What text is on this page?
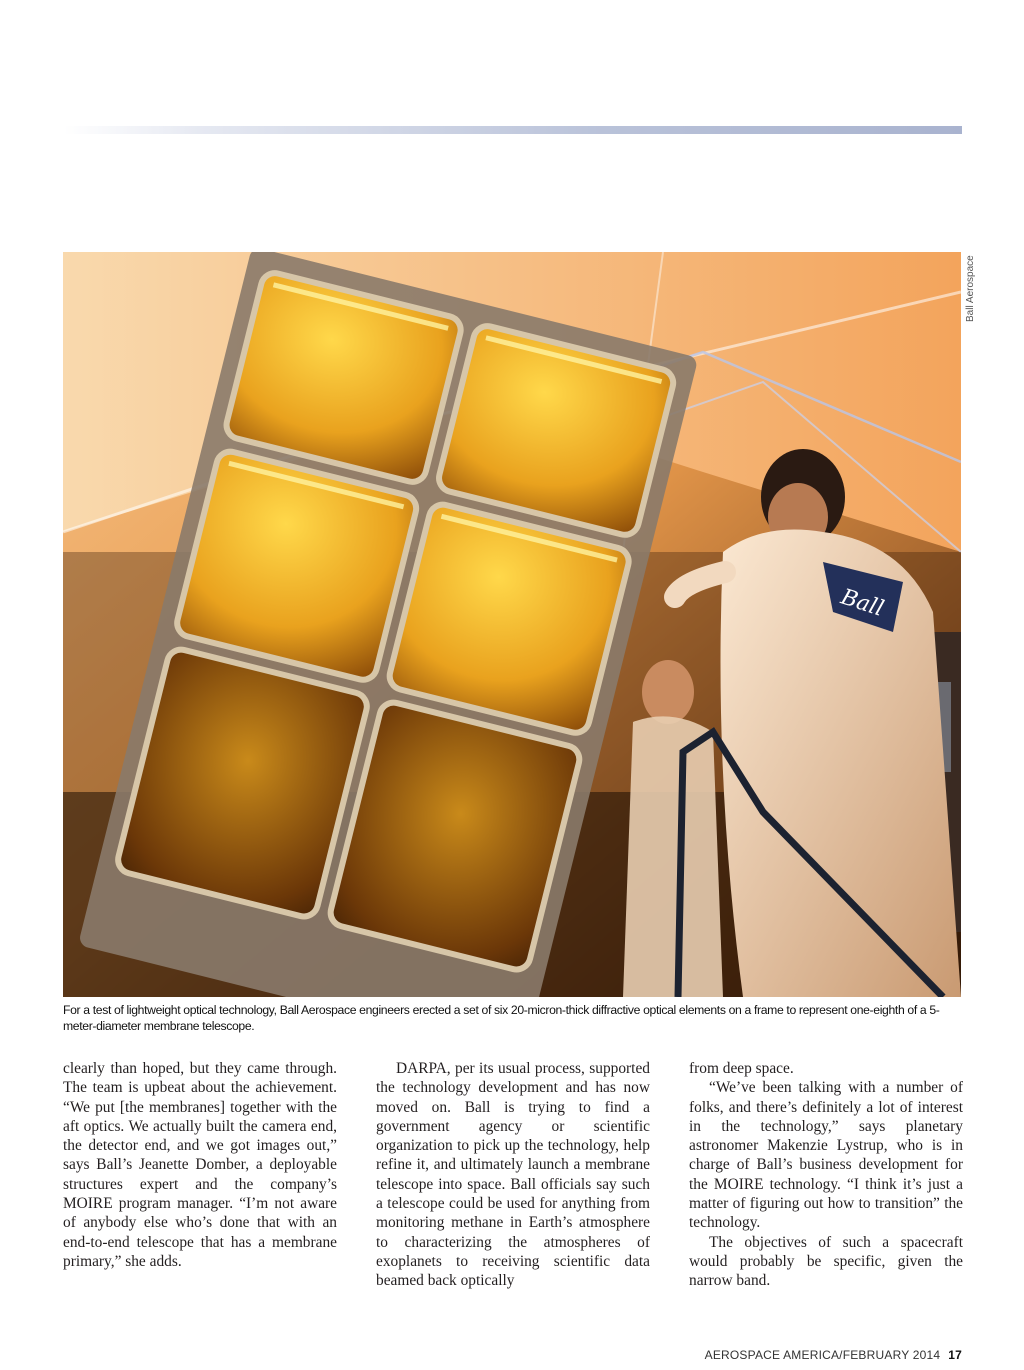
Ball Aerospace
Ball
For a test of lightweight optical technology, Ball Aerospace engineers erected a set of six 20-micron-thick diffractive optical elements on a frame to represent one-eighth of a 5-meter-diameter membrane telescope.

clearly than hoped, but they came through. The team is upbeat about the achievement. “We put [the membranes] together with the aft optics. We actually built the camera end, the detector end, and we got images out,” says Ball’s Jeanette Domber, a deployable structures expert and the company’s MOIRE program manager. “I’m not aware of anybody else who’s done that with an end-to-end telescope that has a membrane primary,” she adds.

DARPA, per its usual process, supported the technology development and has now moved on. Ball is trying to find a government agency or scientific organization to pick up the technology, help refine it, and ultimately launch a membrane telescope into space. Ball officials say such a telescope could be used for anything from monitoring methane in Earth’s atmosphere to characterizing the atmospheres of exoplanets to receiving scientific data beamed back optically

from deep space.

“We’ve been talking with a number of folks, and there’s definitely a lot of interest in the technology,” says planetary astronomer Makenzie Lystrup, who is in charge of Ball’s business development for the MOIRE technology. “I think it’s just a matter of figuring out how to transition” the technology.

The objectives of such a spacecraft would probably be specific, given the narrow band.

AEROSPACE AMERICA/FEBRUARY 2014 17
